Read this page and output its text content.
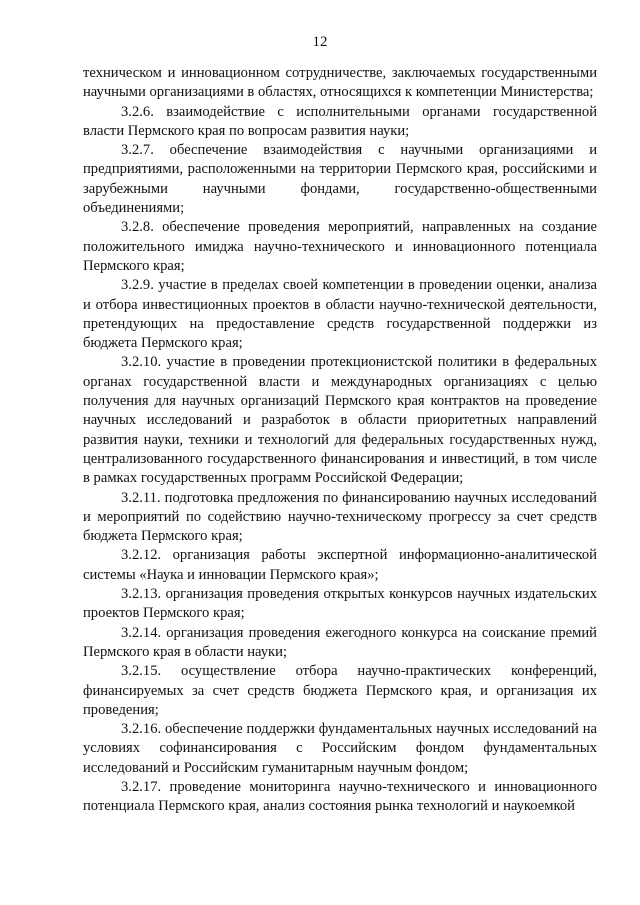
12

техническом и инновационном сотрудничестве, заключаемых государственными научными организациями в областях, относящихся к компетенции Министерства;

3.2.6. взаимодействие с исполнительными органами государственной власти Пермского края по вопросам развития науки;

3.2.7. обеспечение взаимодействия с научными организациями и предприятиями, расположенными на территории Пермского края, российскими и зарубежными научными фондами, государственно-общественными объединениями;

3.2.8. обеспечение проведения мероприятий, направленных на создание положительного имиджа научно-технического и инновационного потенциала Пермского края;

3.2.9. участие в пределах своей компетенции в проведении оценки, анализа и отбора инвестиционных проектов в области научно-технической деятельности, претендующих на предоставление средств государственной поддержки из бюджета Пермского края;

3.2.10. участие в проведении протекционистской политики в федеральных органах государственной власти и международных организациях с целью получения для научных организаций Пермского края контрактов на проведение научных исследований и разработок в области приоритетных направлений развития науки, техники и технологий для федеральных государственных нужд, централизованного государственного финансирования и инвестиций, в том числе в рамках государственных программ Российской Федерации;

3.2.11. подготовка предложения по финансированию научных исследований и мероприятий по содействию научно-техническому прогрессу за счет средств бюджета Пермского края;

3.2.12. организация работы экспертной информационно-аналитической системы «Наука и инновации Пермского края»;

3.2.13. организация проведения открытых конкурсов научных издательских проектов Пермского края;

3.2.14. организация проведения ежегодного конкурса на соискание премий Пермского края в области науки;

3.2.15. осуществление отбора научно-практических конференций, финансируемых за счет средств бюджета Пермского края, и организация их проведения;

3.2.16. обеспечение поддержки фундаментальных научных исследований на условиях софинансирования с Российским фондом фундаментальных исследований и Российским гуманитарным научным фондом;

3.2.17. проведение мониторинга научно-технического и инновационного потенциала Пермского края, анализ состояния рынка технологий и наукоемкой
